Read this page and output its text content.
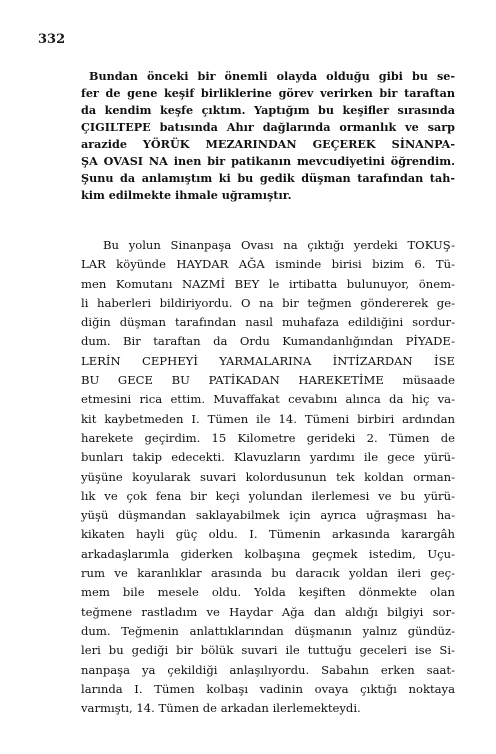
332
Bundan önceki bir önemli olayda olduğu gibi bu se-
fer de gene keşif birliklerine görev verirken bir taraftan
da kendim keşfe çıktım. Yaptığım bu keşifler sırasında
ÇIGILTEPE batısında Ahır dağlarında ormanlık ve sarp
arazide YÖRÜK MEZARINDAN GEÇEREK SİNANPA-
ŞA OVASI NA inen bir patikanın mevcudiyetini öğrendim.
Şunu da anlamıştım ki bu gedik düşman tarafından tah-
kim edilmekte ihmale uğramıştır.
Bu yolun Sinanpaşa Ovası na çıktığı yerdeki TOKUŞ-
LAR köyünde HAYDAR AĞA isminde birisi bizim 6. Tü-
men Komutanı NAZMİ BEY le irtibatta bulunuyor, önem-
li haberleri bildiriyordu. O na bir teğmen göndererek ge-
diğin düşman tarafından nasıl muhafaza edildiğini sordur-
dum. Bir taraftan da Ordu Kumandanlığından PİYADE-
LERİN CEPHEYİ YARMALARINA İNTİZARDAN İSE
BU GECE BU PATİKADAN HAREKETİME müsaade
etmesini rica ettim. Muvaffakat cevabını alınca da hiç va-
kit kaybetmeden I. Tümen ile 14. Tümeni birbiri ardından
harekete geçirdim. 15 Kilometre gerideki 2. Tümen de
bunları takip edecekti. Klavuzların yardımı ile gece yürü-
yüşüne koyularak suvari kolordusunun tek koldan orman-
lık ve çok fena bir keçi yolundan ilerlemesi ve bu yürü-
yüşü düşmandan saklayabilmek için ayrıca uğraşması ha-
kikaten hayli güç oldu. I. Tümenin arkasında karargâh
arkadaşlarımla giderken kolbaşına geçmek istedim, Uçu-
rum ve karanlıklar arasında bu daracık yoldan ileri geç-
mem bile mesele oldu. Yolda keşiften dönmekte olan
teğmene rastladım ve Haydar Ağa dan aldığı bilgiyi sor-
dum. Teğmenin anlattıklarından düşmanın yalnız gündüz-
leri bu gediği bir bölük suvari ile tuttuğu geceleri ise Si-
nanpaşa ya çekildiği anlaşılıyordu. Sabahın erken saat-
larında I. Tümen kolbaşı vadinin ovaya çıktığı noktaya
varmıştı, 14. Tümen de arkadan ilerlemekteydi.
